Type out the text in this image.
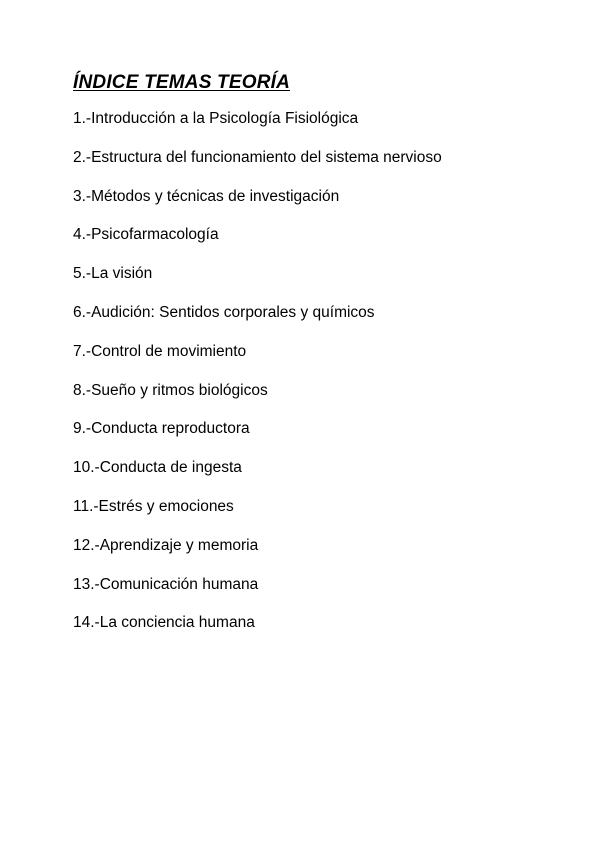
ÍNDICE TEMAS TEORÍA
1.-Introducción a la Psicología Fisiológica
2.-Estructura del funcionamiento del sistema nervioso
3.-Métodos y técnicas de investigación
4.-Psicofarmacología
5.-La visión
6.-Audición: Sentidos corporales y químicos
7.-Control de movimiento
8.-Sueño y ritmos biológicos
9.-Conducta reproductora
10.-Conducta de ingesta
11.-Estrés y emociones
12.-Aprendizaje y memoria
13.-Comunicación humana
14.-La conciencia humana
